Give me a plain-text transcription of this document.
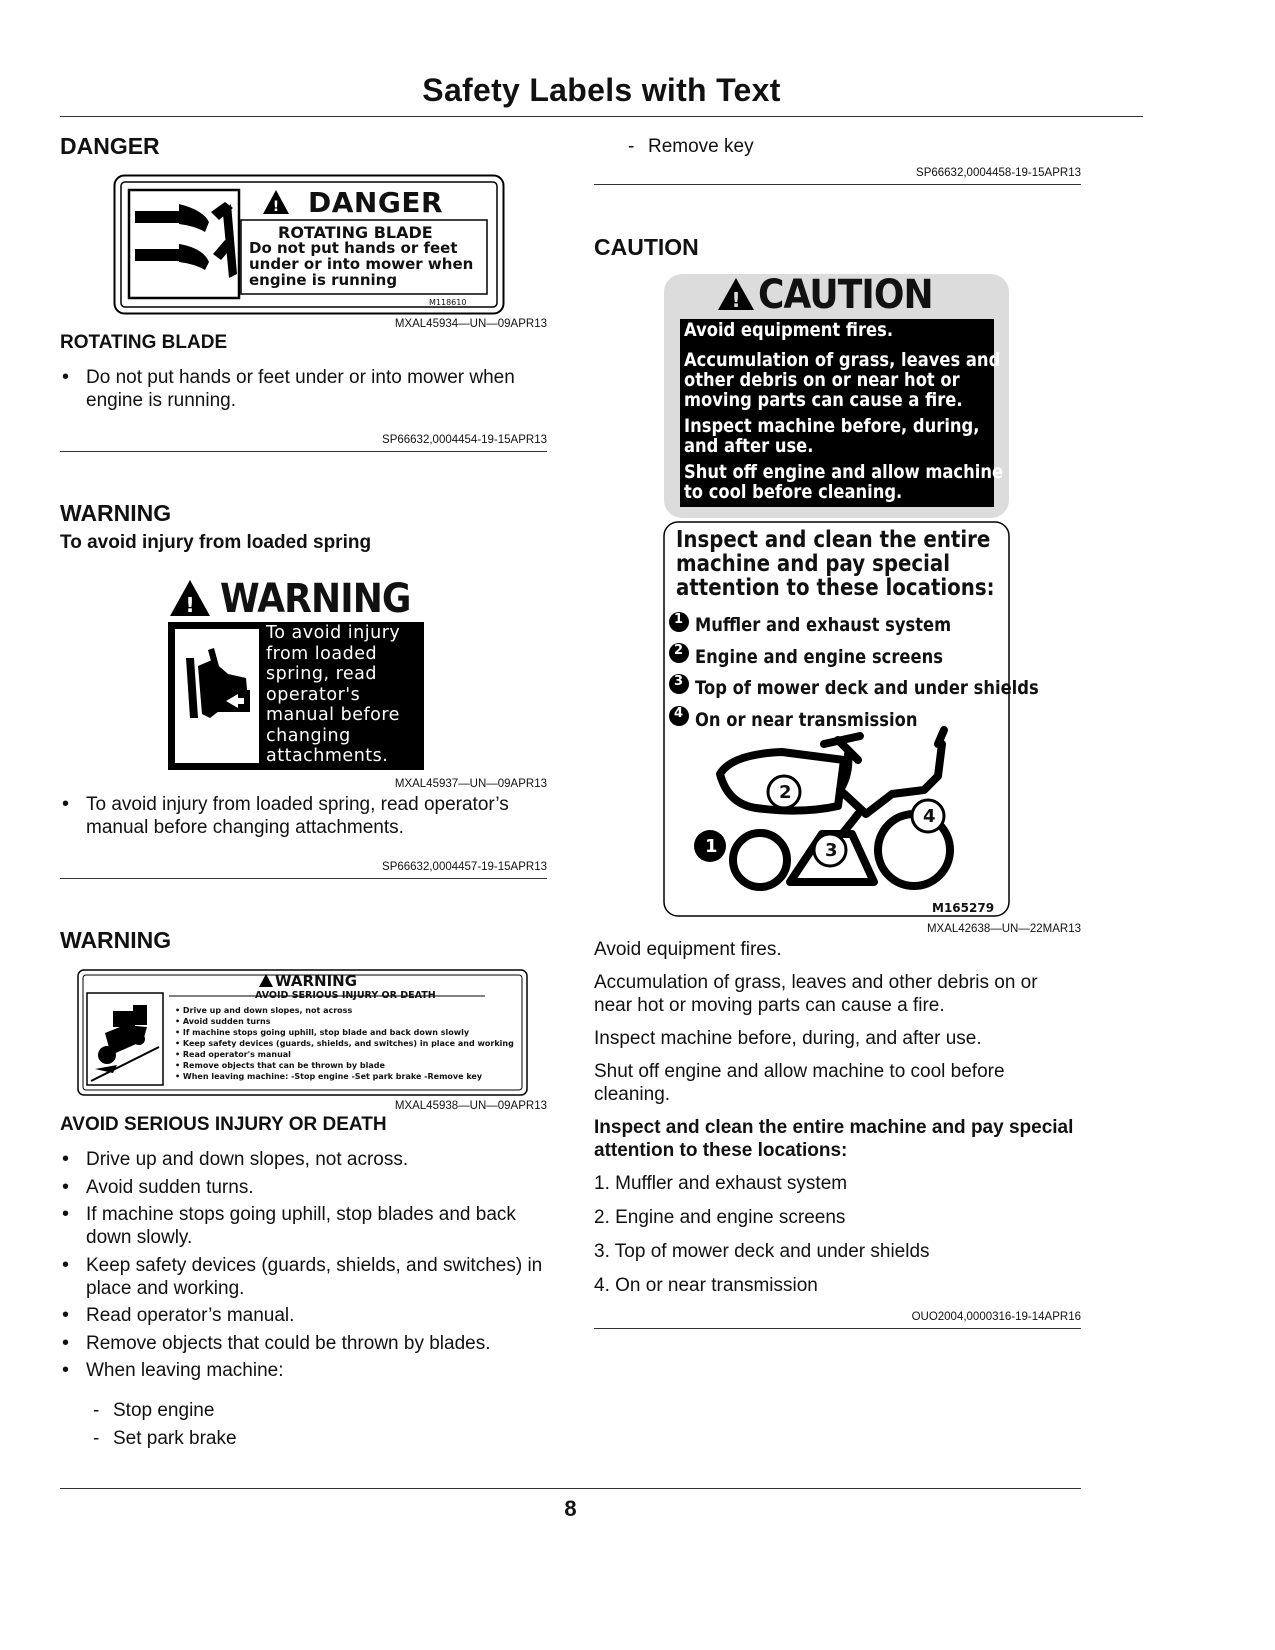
Safety Labels with Text
DANGER
! DANGER
ROTATING BLADE
Do not put hands or feet
under or into mower when
engine is running
M118610
MXAL45934—UN—09APR13
ROTATING BLADE
• Do not put hands or feet under or into mower when engine is running.
SP66632,0004454-19-15APR13
WARNING
To avoid injury from loaded spring
! WARNING
To avoid injury
from loaded
spring, read
operator's
manual before
changing
attachments.
MXAL45937—UN—09APR13
• To avoid injury from loaded spring, read operator’s manual before changing attachments.
SP66632,0004457-19-15APR13
WARNING
WARNING
AVOID SERIOUS INJURY OR DEATH
• Drive up and down slopes, not across
• Avoid sudden turns
• If machine stops going uphill, stop blade and back down slowly
• Keep safety devices (guards, shields, and switches) in place and working
• Read operator's manual
• Remove objects that can be thrown by blade
• When leaving machine: -Stop engine -Set park brake -Remove key
MXAL45938—UN—09APR13
AVOID SERIOUS INJURY OR DEATH
• Drive up and down slopes, not across.
• Avoid sudden turns.
• If machine stops going uphill, stop blades and back down slowly.
• Keep safety devices (guards, shields, and switches) in place and working.
• Read operator’s manual.
• Remove objects that could be thrown by blades.
• When leaving machine:
- Stop engine
- Set park brake
- Remove key
SP66632,0004458-19-15APR13
CAUTION
! CAUTION
Avoid equipment fires.
Accumulation of grass, leaves and
other debris on or near hot or
moving parts can cause a fire.
Inspect machine before, during,
and after use.
Shut off engine and allow machine
to cool before cleaning.
Inspect and clean the entire
machine and pay special
attention to these locations:
1
2
3
4
Muffler and exhaust system
Engine and engine screens
Top of mower deck and under shields
On or near transmission
1
2
3
4
M165279
MXAL42638—UN—22MAR13
Avoid equipment fires.
Accumulation of grass, leaves and other debris on or near hot or moving parts can cause a fire.
Inspect machine before, during, and after use.
Shut off engine and allow machine to cool before cleaning.
Inspect and clean the entire machine and pay special attention to these locations:
1. Muffler and exhaust system
2. Engine and engine screens
3. Top of mower deck and under shields
4. On or near transmission
OUO2004,0000316-19-14APR16
8
